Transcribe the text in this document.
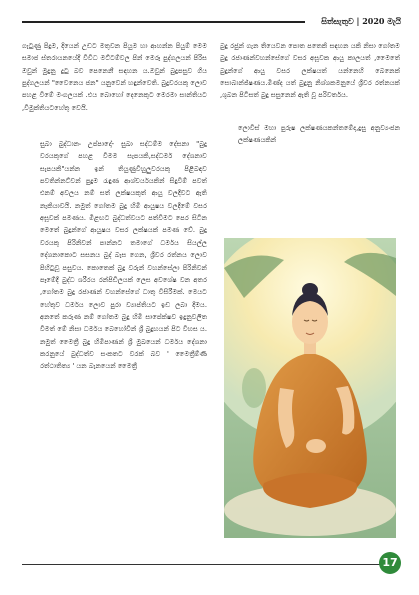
සිත්සැතුව | 2020 මැයි

ගැටුණු පිදුම, දියෙන් උඩට මතුවන පියුම හා ආහන්න පියුම් මෙම සමාජ ස්තරායනයේදී විවිධ මට්ටම්වල පින් මෙරූ පුද්ගලයන් පිරිස ඔවුන් මුදුනු දුටු බව පෙනෙනී සඳහන ය.ඔවුන් බුදුපසුව ගිය පුද්ගලයන් "වෛනෙය ජන" යනුවෙන් හඳුන්වෙති. බුදුවරයකු ලොව පහළ වීමේ මංගලයක් .එය බොහෝ දෙනෙකුට මෙරමා සාන්තියට ,විමුක්තියටහේතු වෙයි.

සුබා බුද්ධානං උප්පාදෝ- සුඛා සද්ධම්ම දේසනා "බුදු වරයකුගේ පහළ වීමම සැපයකි,සද්ධර්ම දේශනාව සැපයකි"යන්න ඉන් තියුණුවිහුලුවරයකු පිළිබඳව පවතින්නට්වන් පුදුම රැඳුණ ආශ්චර්යයකින් සිදුවීම් පවත් එනම් අවලය නම් සත් ලක්ෂයකුත් ආයු වලදීවට ඇති නැකියාවයි. නමුත් ගෝතම බුදු හිමි ආයුෂය වලදීමේ වසර අසූවක් පමණය. මිළඟට බුද්ධත්වයට පත්වීමට පෙර සිටින මෙතේ බුදුන්ගේ ආයුෂය වසර ලක්ෂයක් පමණ වේ. බුදු වරයකු පිරිනිවන් පාන්නට තමාගේ ධර්මය සියල්ල දේශනාකොට සසනය බුද් බැස ගෙන, ශ්‍රීවර රත්නය ලොව පිහිටුවූ පසුවය. කොතෙක් බුදු වරුන් වහන්සේලා පිරිනිවන් පෑමේදී බුද්ධ ශරීරය රන්පිඩිලයක් ලෙස අවශේෂ වන අතර ,ගෝතම බුදු රජාණන් වහන්සේගේ ධාතු විසිරීමක්. මෙයට හේතුව ධර්මය ලොව පුරා ව්‍යාප්තියට ඉඩ ලබා දීමය. අනතේ කරුණ නම් ගෝතම බුදු හිමි සාපේක්ෂව ඉදුනුවලිත වීමත් මේ නිසා ධර්මය බෙහෝවින් ශ්‍රී බුදුහයන් පිට විහස ය. නමුත් මෛත්‍රී බුදු හිමිපාණන් ශ්‍රී මුඛයෙන් ධර්මය දේශනා කරනුයේ බුද්ධත්ව සංකතට වරක් බව ' මෛත්‍රීම්ණි රත්ථාතිත්‍ය ' යන බැනයෙන් මෛත්‍රී

බුදු රජුන් ගැන තියෙවන පොත පතෙකි සඳහන යකි නිසා ගෝතම බුදු රජාණන්වහන්සේගේ වසර අසූවක ආයු කාලයත් ,මෛතේ බුදුන්ගේ ආයු වසර ලක්ෂයත් යන්නෙහි බෙනෙක් සොබාන්ජ්ෂණය.මිණ්ද යත් බුදුනු නිශ්ශකමනුයේ ශ්‍රීවර රත්නයක් ,ශුබන පිටිසත් බුදු සසුනෙන් ඇති වූ පරිවර්තය.

ලොවිස් මහා පුරුෂ ලක්ෂණයකන්තමේද,දුසු අනුව්‍යංජන ලක්ෂණයකින්

17
